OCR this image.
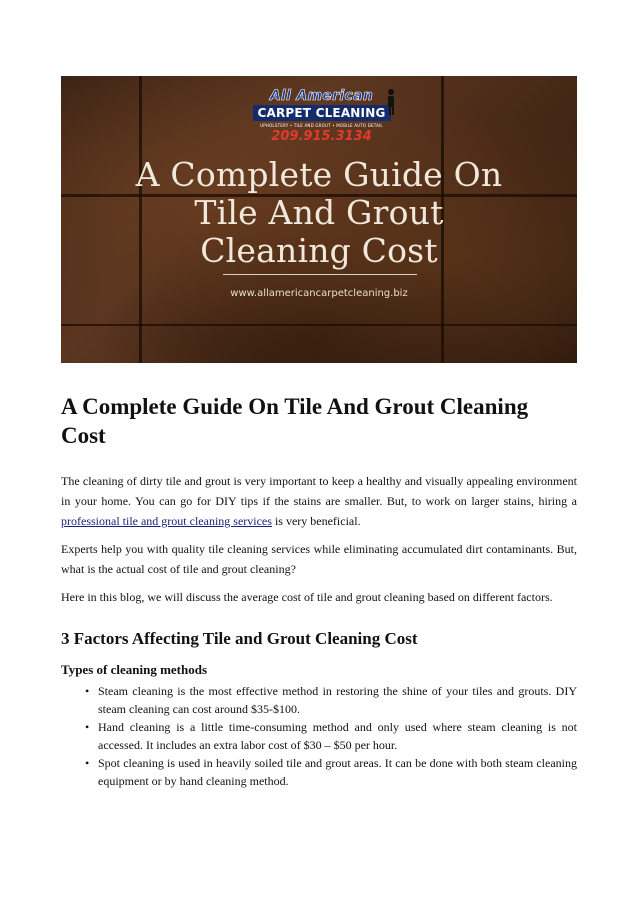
All American
CARPET CLEANING
UPHOLSTERY • TILE AND GROUT • MOBILE AUTO DETAIL
209.915.3134
A Complete Guide On
Tile And Grout
Cleaning Cost
www.allamericancarpetcleaning.biz
A Complete Guide On Tile And Grout Cleaning Cost

The cleaning of dirty tile and grout is very important to keep a healthy and visually appealing environment in your home. You can go for DIY tips if the stains are smaller. But, to work on larger stains, hiring a professional tile and grout cleaning services is very beneficial.

Experts help you with quality tile cleaning services while eliminating accumulated dirt contaminants. But, what is the actual cost of tile and grout cleaning?

Here in this blog, we will discuss the average cost of tile and grout cleaning based on different factors.

3 Factors Affecting Tile and Grout Cleaning Cost
Types of cleaning methods
• Steam cleaning is the most effective method in restoring the shine of your tiles and grouts. DIY steam cleaning can cost around $35-$100.
• Hand cleaning is a little time-consuming method and only used where steam cleaning is not accessed. It includes an extra labor cost of $30 – $50 per hour.
• Spot cleaning is used in heavily soiled tile and grout areas. It can be done with both steam cleaning equipment or by hand cleaning method.
